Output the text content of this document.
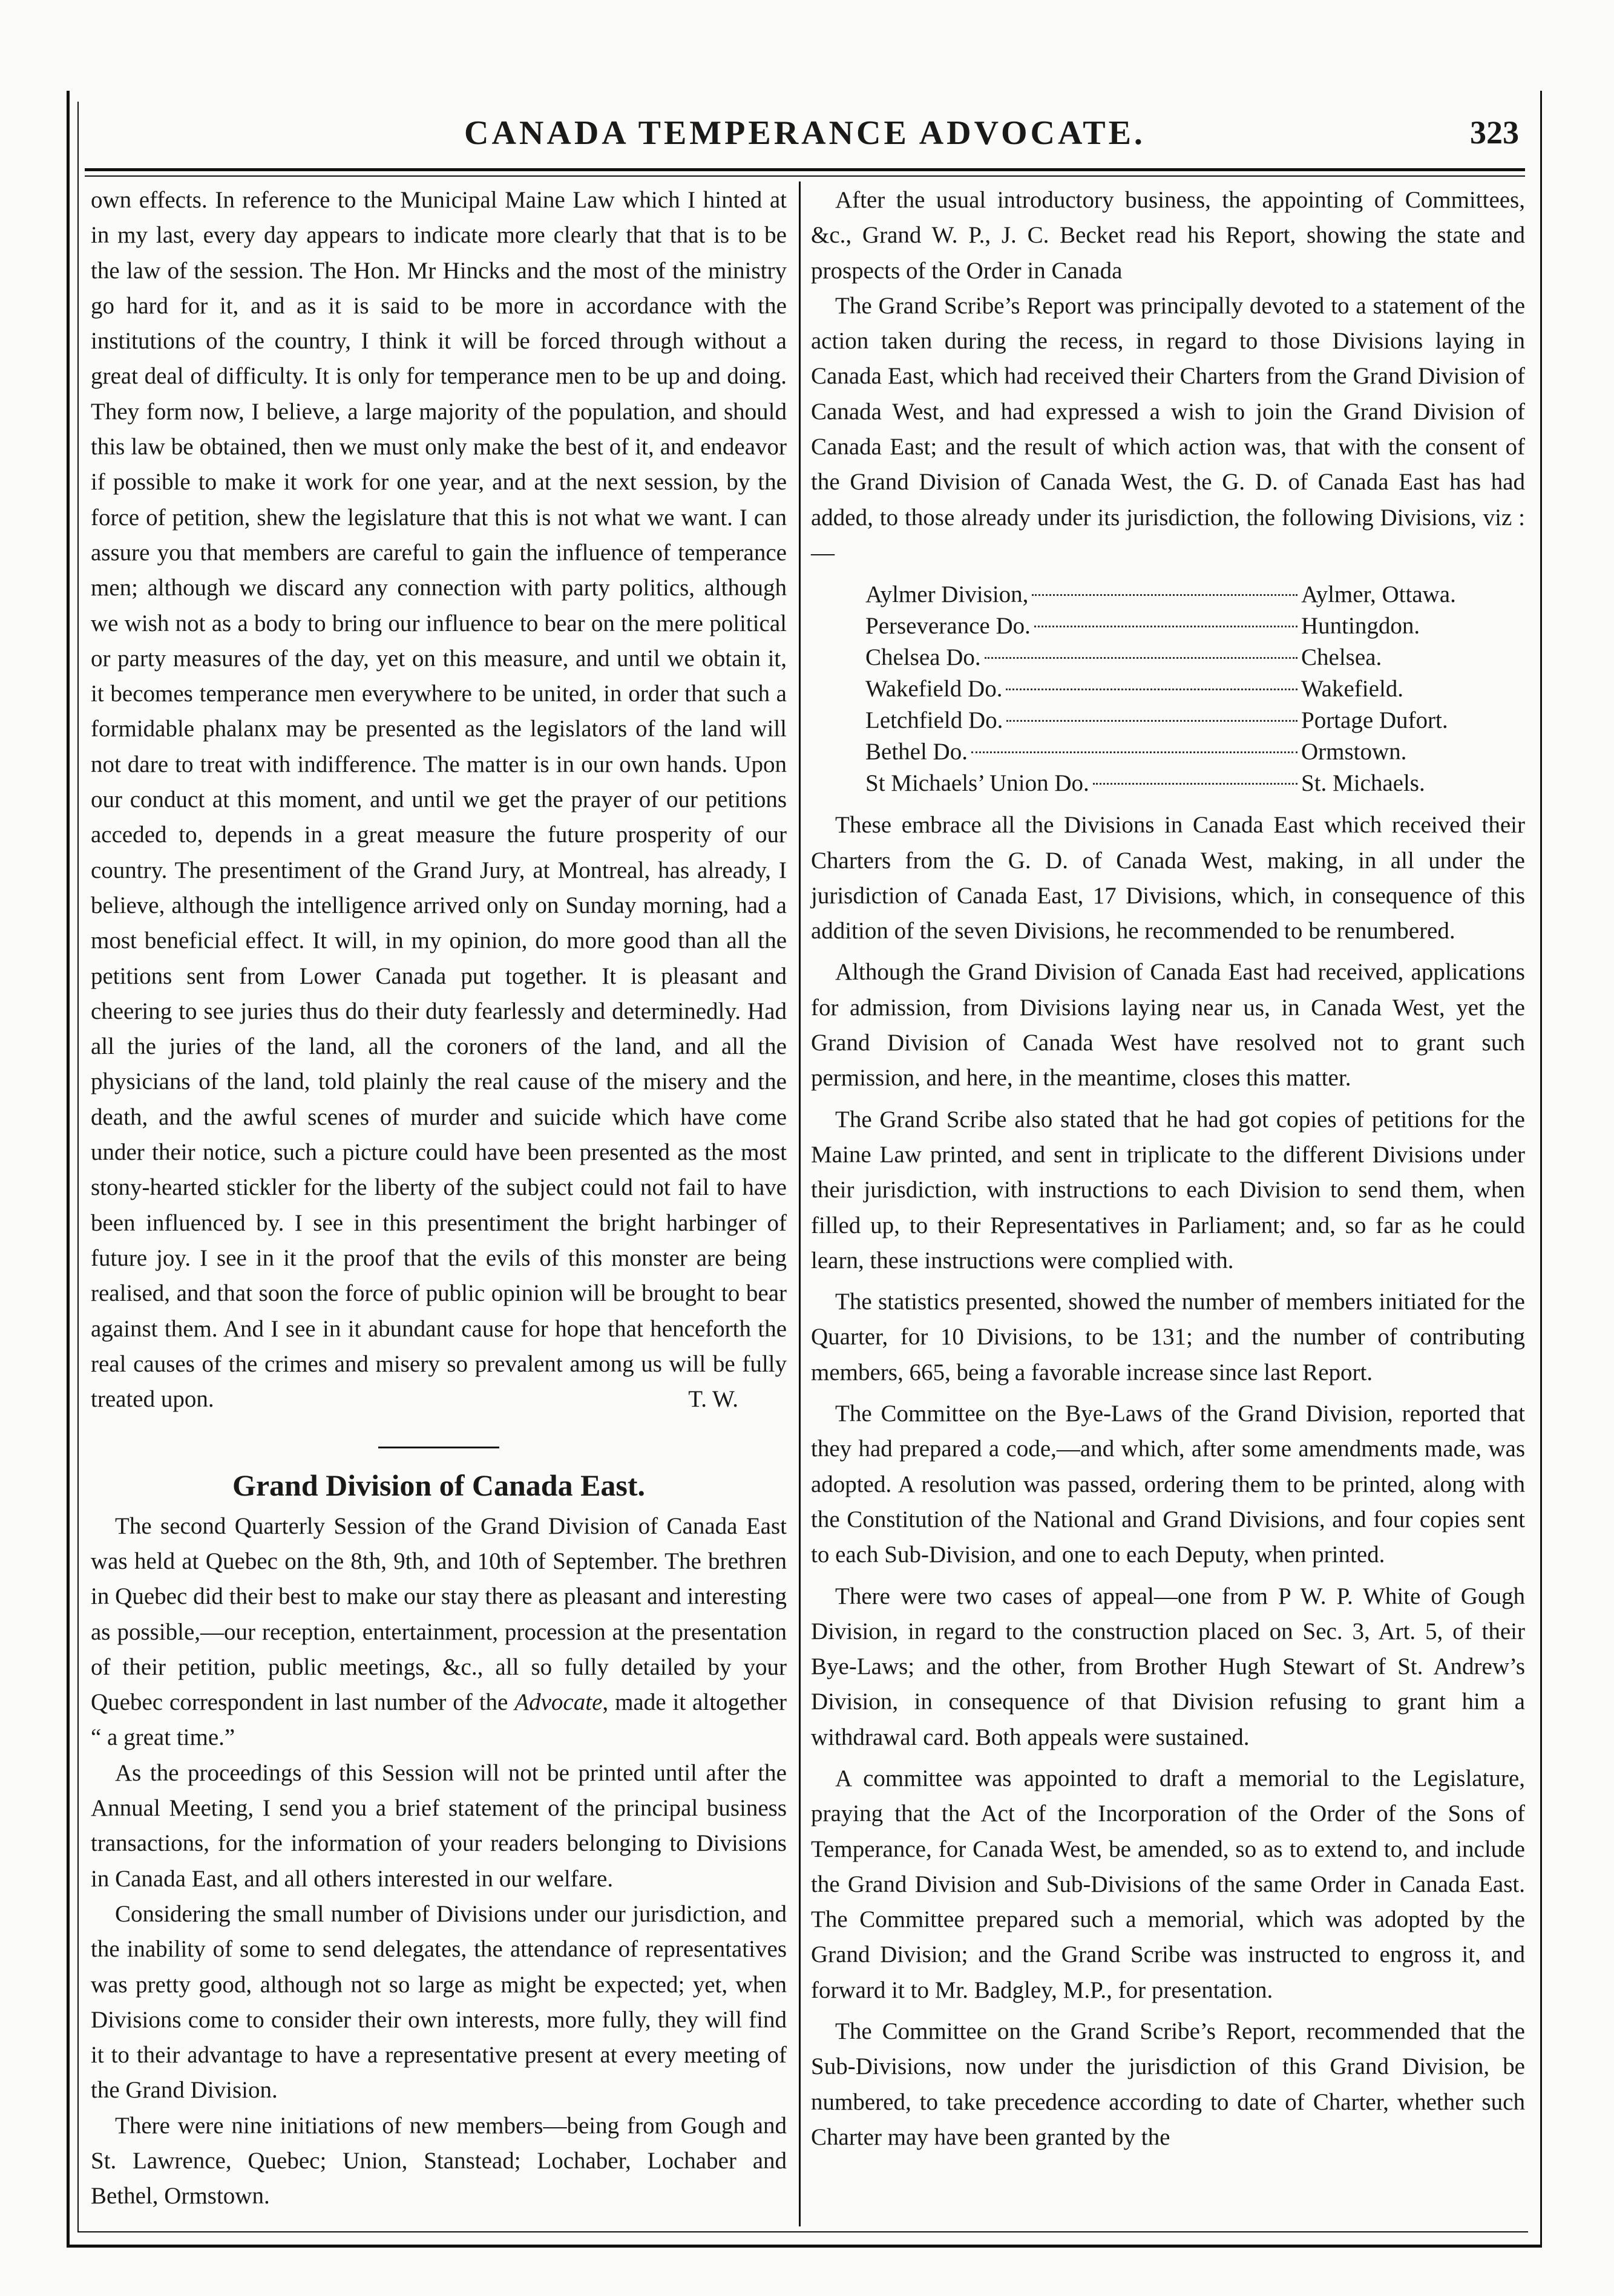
CANADA TEMPERANCE ADVOCATE.	323

own effects. In reference to the Municipal Maine Law which I hinted at in my last, every day appears to indicate more clearly that that is to be the law of the session. The Hon. Mr Hincks and the most of the ministry go hard for it, and as it is said to be more in accordance with the institutions of the country, I think it will be forced through without a great deal of difficulty. It is only for temperance men to be up and doing. They form now, I believe, a large majority of the population, and should this law be obtained, then we must only make the best of it, and endeavor if possible to make it work for one year, and at the next session, by the force of petition, shew the legislature that this is not what we want. I can assure you that members are careful to gain the influence of temperance men; although we discard any connection with party politics, although we wish not as a body to bring our influence to bear on the mere political or party measures of the day, yet on this measure, and until we obtain it, it becomes temperance men everywhere to be united, in order that such a formidable phalanx may be presented as the legislators of the land will not dare to treat with indifference. The matter is in our own hands. Upon our conduct at this moment, and until we get the prayer of our petitions acceded to, depends in a great measure the future prosperity of our country. The presentiment of the Grand Jury, at Montreal, has already, I believe, although the intelligence arrived only on Sunday morning, had a most beneficial effect. It will, in my opinion, do more good than all the petitions sent from Lower Canada put together. It is pleasant and cheering to see juries thus do their duty fearlessly and determinedly. Had all the juries of the land, all the coroners of the land, and all the physicians of the land, told plainly the real cause of the misery and the death, and the awful scenes of murder and suicide which have come under their notice, such a picture could have been presented as the most stony-hearted stickler for the liberty of the subject could not fail to have been influenced by. I see in this presentiment the bright harbinger of future joy. I see in it the proof that the evils of this monster are being realised, and that soon the force of public opinion will be brought to bear against them. And I see in it abundant cause for hope that henceforth the real causes of the crimes and misery so prevalent among us will be fully treated upon.	T. W.
Grand Division of Canada East.

The second Quarterly Session of the Grand Division of Canada East was held at Quebec on the 8th, 9th, and 10th of September. The brethren in Quebec did their best to make our stay there as pleasant and interesting as possible,—our reception, entertainment, procession at the presentation of their petition, public meetings, &c., all so fully detailed by your Quebec correspondent in last number of the Advocate, made it altogether “ a great time.”

As the proceedings of this Session will not be printed until after the Annual Meeting, I send you a brief statement of the principal business transactions, for the information of your readers belonging to Divisions in Canada East, and all others interested in our welfare.

Considering the small number of Divisions under our jurisdiction, and the inability of some to send delegates, the attendance of representatives was pretty good, although not so large as might be expected; yet, when Divisions come to consider their own interests, more fully, they will find it to their advantage to have a representative present at every meeting of the Grand Division.

There were nine initiations of new members—being from Gough and St. Lawrence, Quebec; Union, Stanstead; Lochaber, Lochaber and Bethel, Ormstown.

After the usual introductory business, the appointing of Committees, &c., Grand W. P., J. C. Becket read his Report, showing the state and prospects of the Order in Canada

The Grand Scribe’s Report was principally devoted to a statement of the action taken during the recess, in regard to those Divisions laying in Canada East, which had received their Charters from the Grand Division of Canada West, and had expressed a wish to join the Grand Division of Canada East; and the result of which action was, that with the consent of the Grand Division of Canada West, the G. D. of Canada East has had added, to those already under its jurisdiction, the following Divisions, viz :—

Aylmer Division,	Aylmer, Ottawa.
Perseverance Do.	Huntingdon.
Chelsea Do.	Chelsea.
Wakefield Do.	Wakefield.
Letchfield Do.	Portage Dufort.
Bethel Do.	Ormstown.
St Michaels’ Union Do.	St. Michaels.

These embrace all the Divisions in Canada East which received their Charters from the G. D. of Canada West, making, in all under the jurisdiction of Canada East, 17 Divisions, which, in consequence of this addition of the seven Divisions, he recommended to be renumbered.

Although the Grand Division of Canada East had received, applications for admission, from Divisions laying near us, in Canada West, yet the Grand Division of Canada West have resolved not to grant such permission, and here, in the meantime, closes this matter.

The Grand Scribe also stated that he had got copies of petitions for the Maine Law printed, and sent in triplicate to the different Divisions under their jurisdiction, with instructions to each Division to send them, when filled up, to their Representatives in Parliament; and, so far as he could learn, these instructions were complied with.

The statistics presented, showed the number of members initiated for the Quarter, for 10 Divisions, to be 131; and the number of contributing members, 665, being a favorable increase since last Report.

The Committee on the Bye-Laws of the Grand Division, reported that they had prepared a code,—and which, after some amendments made, was adopted. A resolution was passed, ordering them to be printed, along with the Constitution of the National and Grand Divisions, and four copies sent to each Sub-Division, and one to each Deputy, when printed.

There were two cases of appeal—one from P W. P. White of Gough Division, in regard to the construction placed on Sec. 3, Art. 5, of their Bye-Laws; and the other, from Brother Hugh Stewart of St. Andrew’s Division, in consequence of that Division refusing to grant him a withdrawal card. Both appeals were sustained.

A committee was appointed to draft a memorial to the Legislature, praying that the Act of the Incorporation of the Order of the Sons of Temperance, for Canada West, be amended, so as to extend to, and include the Grand Division and Sub-Divisions of the same Order in Canada East. The Committee prepared such a memorial, which was adopted by the Grand Division; and the Grand Scribe was instructed to engross it, and forward it to Mr. Badgley, M.P., for presentation.

The Committee on the Grand Scribe’s Report, recommended that the Sub-Divisions, now under the jurisdiction of this Grand Division, be numbered, to take precedence according to date of Charter, whether such Charter may have been granted by the
